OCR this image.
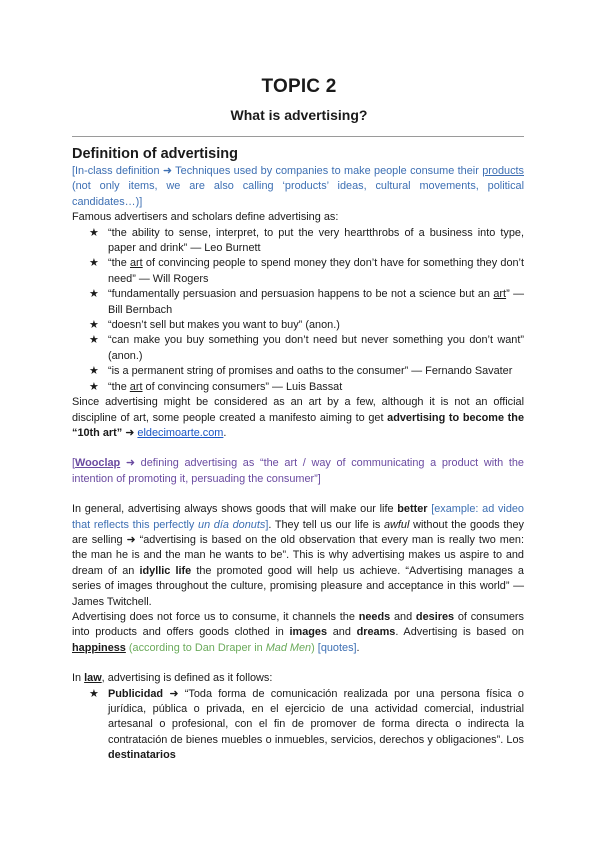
TOPIC 2
What is advertising?
Definition of advertising

[In-class definition ➜ Techniques used by companies to make people consume their products (not only items, we are also calling ‘products’ ideas, cultural movements, political candidates…)]

Famous advertisers and scholars define advertising as:

★ “the ability to sense, interpret, to put the very heartthrobs of a business into type, paper and drink” — Leo Burnett
★ “the art of convincing people to spend money they don’t have for something they don’t need” — Will Rogers
★ “fundamentally persuasion and persuasion happens to be not a science but an art” — Bill Bernbach
★ “doesn’t sell but makes you want to buy” (anon.)
★ “can make you buy something you don’t need but never something you don’t want” (anon.)
★ “is a permanent string of promises and oaths to the consumer” — Fernando Savater
★ “the art of convincing consumers” — Luis Bassat

Since advertising might be considered as an art by a few, although it is not an official discipline of art, some people created a manifesto aiming to get advertising to become the “10th art” ➜ eldecimoarte.com.

[Wooclap ➜ defining advertising as “the art / way of communicating a product with the intention of promoting it, persuading the consumer”]

In general, advertising always shows goods that will make our life better [example: ad video that reflects this perfectly un día donuts]. They tell us our life is awful without the goods they are selling ➜ “advertising is based on the old observation that every man is really two men: the man he is and the man he wants to be”. This is why advertising makes us aspire to and dream of an idyllic life the promoted good will help us achieve. “Advertising manages a series of images throughout the culture, promising pleasure and acceptance in this world” — James Twitchell.

Advertising does not force us to consume, it channels the needs and desires of consumers into products and offers goods clothed in images and dreams. Advertising is based on happiness (according to Dan Draper in Mad Men) [quotes].

In law, advertising is defined as it follows:

★ Publicidad ➜ “Toda forma de comunicación realizada por una persona física o jurídica, pública o privada, en el ejercicio de una actividad comercial, industrial artesanal o profesional, con el fin de promover de forma directa o indirecta la contratación de bienes muebles o inmuebles, servicios, derechos y obligaciones”. Los destinatarios
